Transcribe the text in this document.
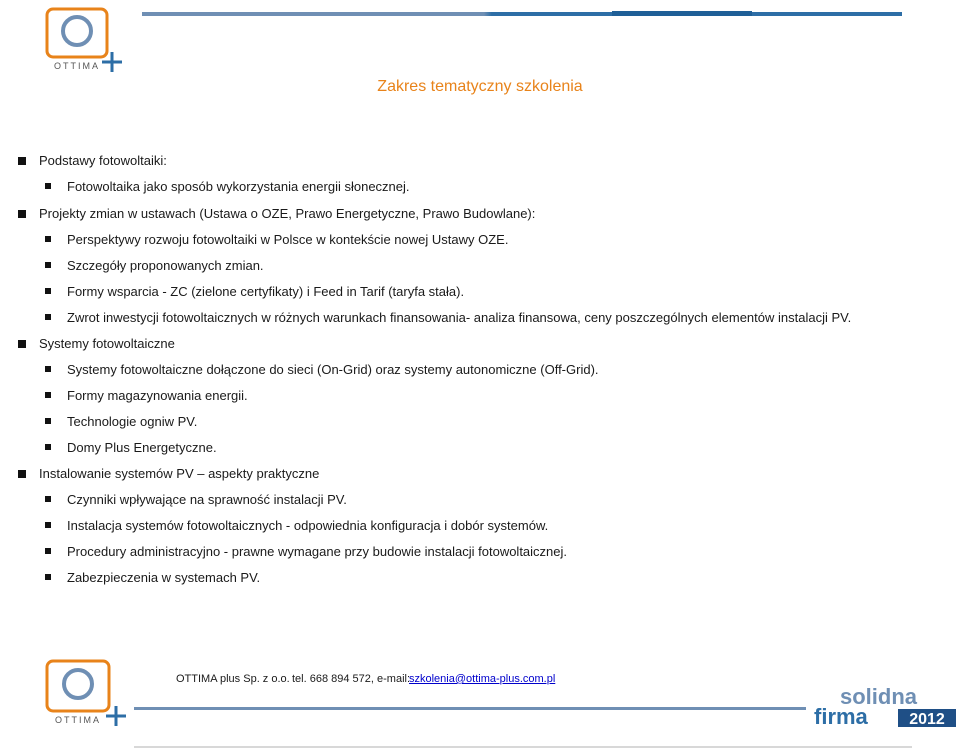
OTTIMA
Zakres tematyczny szkolenia
Podstawy fotowoltaiki:
Fotowoltaika jako sposób wykorzystania energii słonecznej.
Projekty zmian w ustawach (Ustawa o OZE, Prawo Energetyczne, Prawo Budowlane):
Perspektywy rozwoju fotowoltaiki w Polsce w kontekście nowej Ustawy OZE.
Szczegóły proponowanych zmian.
Formy wsparcia - ZC (zielone certyfikaty) i Feed in Tarif (taryfa stała).
Zwrot inwestycji fotowoltaicznych w różnych warunkach finansowania- analiza finansowa, ceny poszczególnych elementów instalacji PV.
Systemy fotowoltaiczne
Systemy fotowoltaiczne dołączone do sieci (On-Grid) oraz systemy autonomiczne (Off-Grid).
Formy magazynowania energii.
Technologie ogniw PV.
Domy Plus Energetyczne.
Instalowanie systemów PV – aspekty praktyczne
Czynniki wpływające na sprawność instalacji PV.
Instalacja systemów fotowoltaicznych - odpowiednia konfiguracja i dobór systemów.
Procedury administracyjno - prawne wymagane przy budowie instalacji fotowoltaicznej.
Zabezpieczenia w systemach PV.
OTTIMA
OTTIMA plus Sp. z o.o. tel. 668 894 572, e-mail:
szkolenia@ottima-plus.com.pl
solidna
firma	2012
